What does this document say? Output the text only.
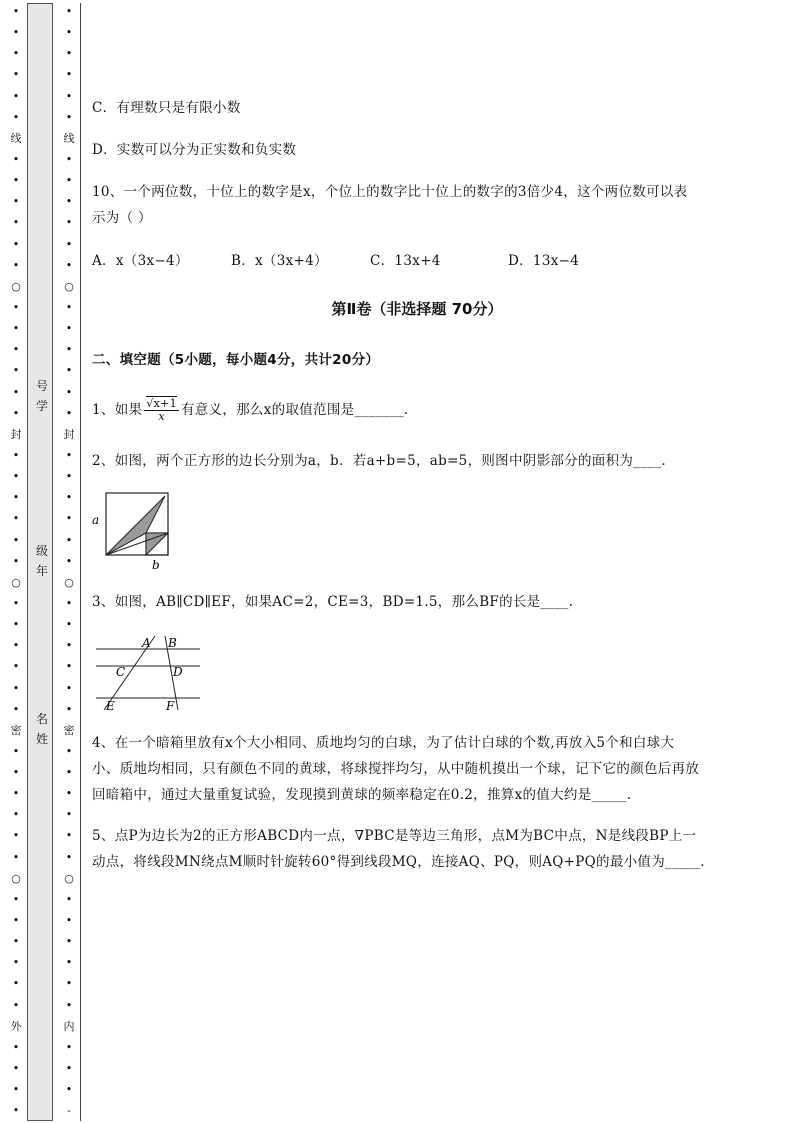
•
•
•
•
•
•
线
•
•
•
•
•
•
○
•
•
•
•
•
•
封
•
•
•
•
•
•
○
•
•
•
•
•
•
密
•
•
•
•
•
•
○
•
•
•
•
•
•
外
•
•
•
•
•
•
•
•
•
•
线
•
•
•
•
•
•
○
•
•
•
•
•
•
封
•
•
•
•
•
•
○
•
•
•
•
•
•
密
•
•
•
•
•
•
○
•
•
•
•
•
•
内
•
•
•
-
号
学
级
年
名
姓
C．有理数只是有限小数
D．实数可以分为正实数和负实数
10、一个两位数，十位上的数字是x，个位上的数字比十位上的数字的3倍少4，这个两位数可以表
示为（ ）
A．x（3x−4）	B．x（3x+4）	C．13x+4	D．13x−4
第Ⅱ卷（非选择题 70分）
二、填空题（5小题，每小题4分，共计20分）
1、如果 $\frac{√x+1}{x}$ 有意义，那么x的取值范围是_______.
2、如图，两个正方形的边长分别为a，b．若a+b=5，ab=5，则图中阴影部分的面积为____.
a
b
3、如图，AB∥CD∥EF，如果AC=2，CE=3，BD=1.5，那么BF的长是____.
A B
C	D
E	F
4、在一个暗箱里放有x个大小相同、质地均匀的白球，为了估计白球的个数,再放入5个和白球大
小、质地均相同，只有颜色不同的黄球，将球搅拌均匀，从中随机摸出一个球，记下它的颜色后再放
回暗箱中，通过大量重复试验，发现摸到黄球的频率稳定在0.2，推算x的值大约是_____.
5、点P为边长为2的正方形ABCD内一点，∇PBC是等边三角形，点M为BC中点，N是线段BP上一
动点，将线段MN绕点M顺时针旋转60°得到线段MQ，连接AQ、PQ，则AQ+PQ的最小值为_____.
